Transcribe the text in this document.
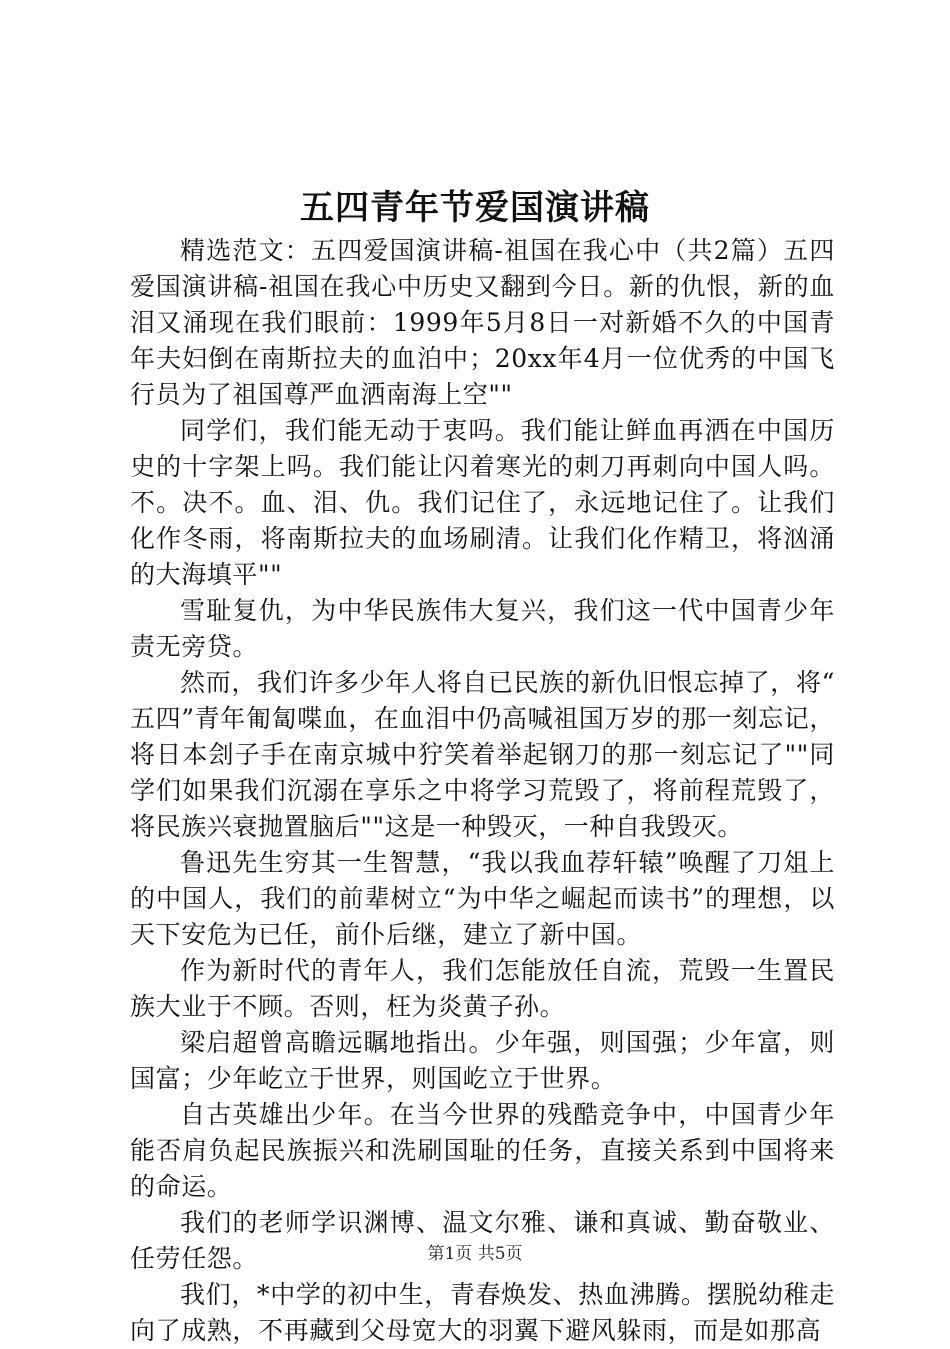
五四青年节爱国演讲稿

精选范文：五四爱国演讲稿-祖国在我心中（共2篇）五四爱国演讲稿-祖国在我心中历史又翻到今日。新的仇恨，新的血泪又涌现在我们眼前：1999年5月8日一对新婚不久的中国青年夫妇倒在南斯拉夫的血泊中；20xx年4月一位优秀的中国飞行员为了祖国尊严血洒南海上空""

同学们，我们能无动于衷吗。我们能让鲜血再洒在中国历史的十字架上吗。我们能让闪着寒光的刺刀再刺向中国人吗。不。决不。血、泪、仇。我们记住了，永远地记住了。让我们化作冬雨，将南斯拉夫的血场刷清。让我们化作精卫，将汹涌的大海填平""

雪耻复仇，为中华民族伟大复兴，我们这一代中国青少年责无旁贷。

然而，我们许多少年人将自已民族的新仇旧恨忘掉了，将“五四”青年匍匐喋血，在血泪中仍高喊祖国万岁的那一刻忘记，将日本刽子手在南京城中狞笑着举起钢刀的那一刻忘记了""同学们如果我们沉溺在享乐之中将学习荒毁了，将前程荒毁了，将民族兴衰抛置脑后""这是一种毁灭，一种自我毁灭。

鲁迅先生穷其一生智慧，“我以我血荐轩辕”唤醒了刀俎上的中国人，我们的前辈树立“为中华之崛起而读书”的理想，以天下安危为已任，前仆后继，建立了新中国。

作为新时代的青年人，我们怎能放任自流，荒毁一生置民族大业于不顾。否则，枉为炎黄子孙。

梁启超曾高瞻远瞩地指出。少年强，则国强；少年富，则国富；少年屹立于世界，则国屹立于世界。

自古英雄出少年。在当今世界的残酷竞争中，中国青少年能否肩负起民族振兴和洗刷国耻的任务，直接关系到中国将来的命运。

我们的老师学识渊博、温文尔雅、谦和真诚、勤奋敬业、任劳任怨。

我们，*中学的初中生，青春焕发、热血沸腾。摆脱幼稚走向了成熟，不再藏到父母宽大的羽翼下避风躲雨，而是如那高

第1页 共5页
